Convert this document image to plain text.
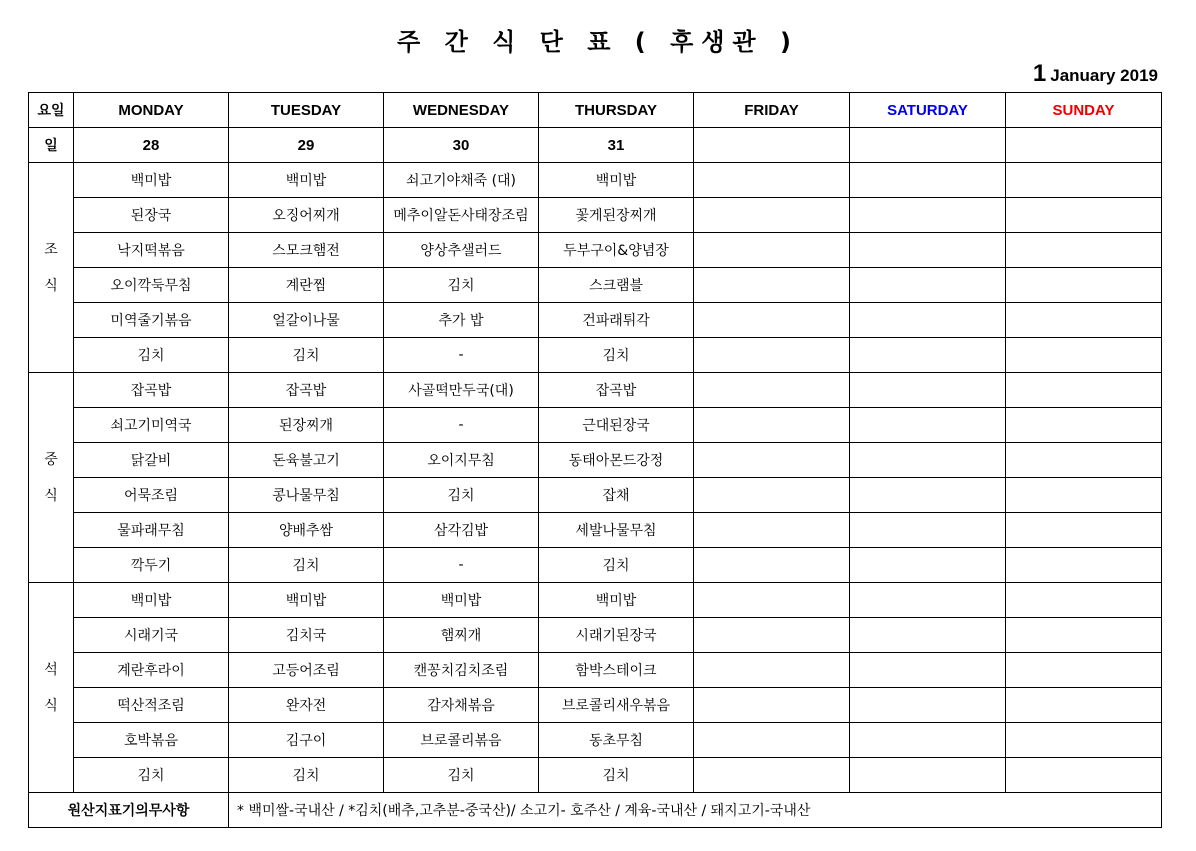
주 간 식 단 표 ( 후생관 )
1 January 2019
요일	MONDAY	TUESDAY	WEDNESDAY	THURSDAY	FRIDAY	SATURDAY	SUNDAY
일	28	29	30	31			

조
식	백미밥	백미밥	쇠고기야채죽 (대)	백미밥			
	된장국	오징어찌개	메추이알돈사태장조림	꽃게된장찌개			
	낙지떡볶음	스모크햄전	양상추샐러드	두부구이&양념장			
	오이깍둑무침	계란찜	김치	스크램블			
	미역줄기볶음	얼갈이나물	추가 밥	건파래튀각			
	김치	김치	-	김치			

중
식	잡곡밥	잡곡밥	사골떡만두국(대)	잡곡밥			
	쇠고기미역국	된장찌개	-	근대된장국			
	닭갈비	돈육불고기	오이지무침	동태아몬드강정			
	어묵조림	콩나물무침	김치	잡채			
	물파래무침	양배추쌈	삼각김밥	세발나물무침			
	깍두기	김치	-	김치			

석
식	백미밥	백미밥	백미밥	백미밥			
	시래기국	김치국	햄찌개	시래기된장국			
	계란후라이	고등어조림	캔꽁치김치조림	함박스테이크			
	떡산적조림	완자전	감자채볶음	브로콜리새우볶음			
	호박볶음	김구이	브로콜리볶음	동초무침			
	김치	김치	김치	김치			
원산지표기의무사항		* 백미쌀-국내산 / *김치(배추,고추분-중국산)/ 소고기- 호주산 / 계육-국내산 / 돼지고기-국내산					
